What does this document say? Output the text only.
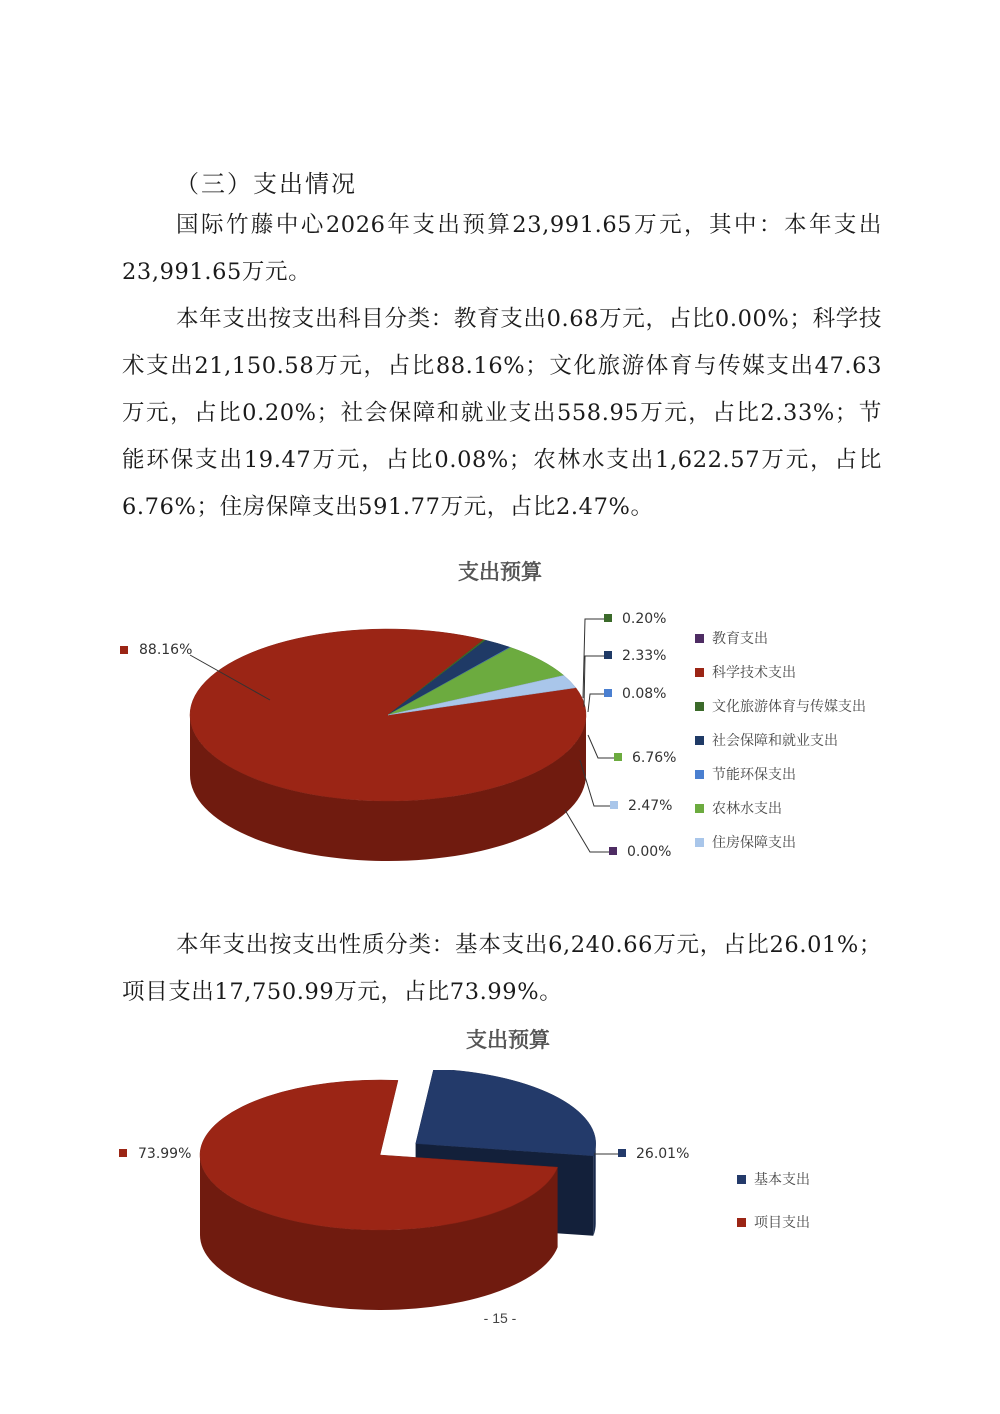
（三）支出情况

国际竹藤中心2026年支出预算23,991.65万元，其中：本年支出23,991.65万元。

本年支出按支出科目分类：教育支出0.68万元，占比0.00%；科学技术支出21,150.58万元，占比88.16%；文化旅游体育与传媒支出47.63万元，占比0.20%；社会保障和就业支出558.95万元，占比2.33%；节能环保支出19.47万元，占比0.08%；农林水支出1,622.57万元，占比6.76%；住房保障支出591.77万元，占比2.47%。

支出预算
教育支出
科学技术支出
文化旅游体育与传媒支出
社会保障和就业支出
节能环保支出
农林水支出
住房保障支出
88.16%
0.20%
2.33%
0.08%
6.76%
2.47%
0.00%

本年支出按支出性质分类：基本支出6,240.66万元，占比26.01%；项目支出17,750.99万元，占比73.99%。

支出预算
基本支出
项目支出
73.99%	26.01%
- 15 -
